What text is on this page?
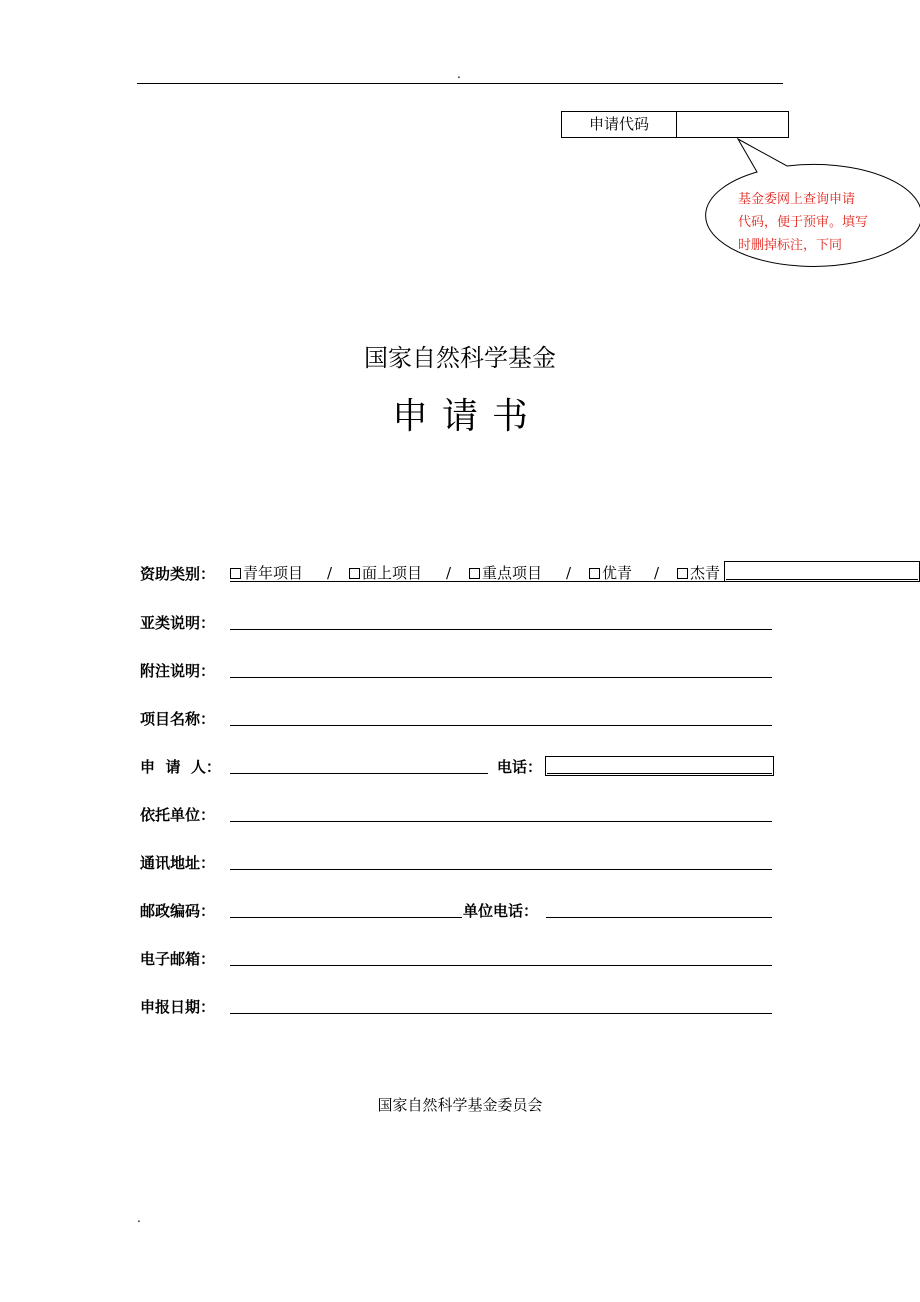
.
申请代码
基金委网上查询申请
代码，便于预审。填写
时删掉标注，下同
国家自然科学基金
申请书
资助类别：	青年项目 /	面上项目 /	重点项目 /	优青 /	杰青
亚类说明：
附注说明：
项目名称：
申  请  人：	电话：
依托单位：
通讯地址：
邮政编码：	单位电话：
电子邮箱：
申报日期：
国家自然科学基金委员会
.
